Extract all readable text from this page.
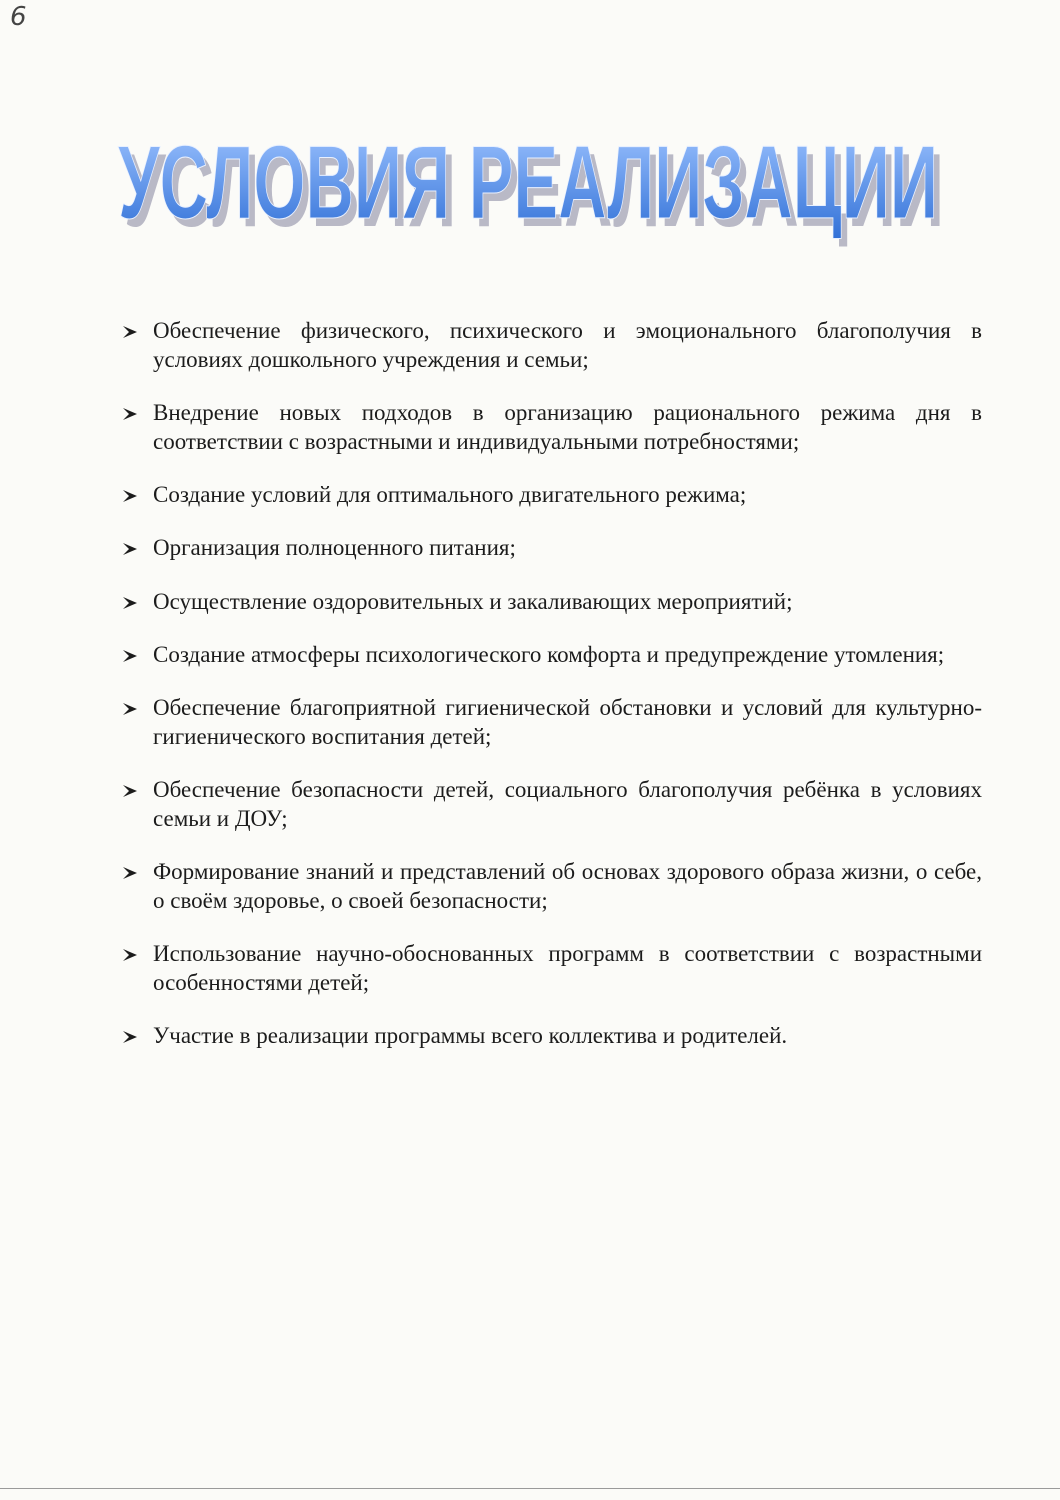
6
УСЛОВИЯ РЕАЛИЗАЦИИ
УСЛОВИЯ РЕАЛИЗАЦИИ
Обеспечение физического, психического и эмоционального благополучия в условиях дошкольного учреждения и семьи;
Внедрение новых подходов в организацию рационального режима дня в соответствии с возрастными и индивидуальными потребностями;
Создание условий для оптимального двигательного режима;
Организация полноценного питания;
Осуществление оздоровительных и закаливающих мероприятий;
Создание атмосферы психологического комфорта и предупреждение утомления;
Обеспечение благоприятной гигиенической обстановки и условий для культурно-гигиенического воспитания детей;
Обеспечение безопасности детей, социального благополучия ребёнка в условиях семьи и ДОУ;
Формирование знаний и представлений об основах здорового образа жизни, о себе, о своём здоровье, о своей безопасности;
Использование научно-обоснованных программ в соответствии с возрастными особенностями детей;
Участие в реализации программы всего коллектива и родителей.
